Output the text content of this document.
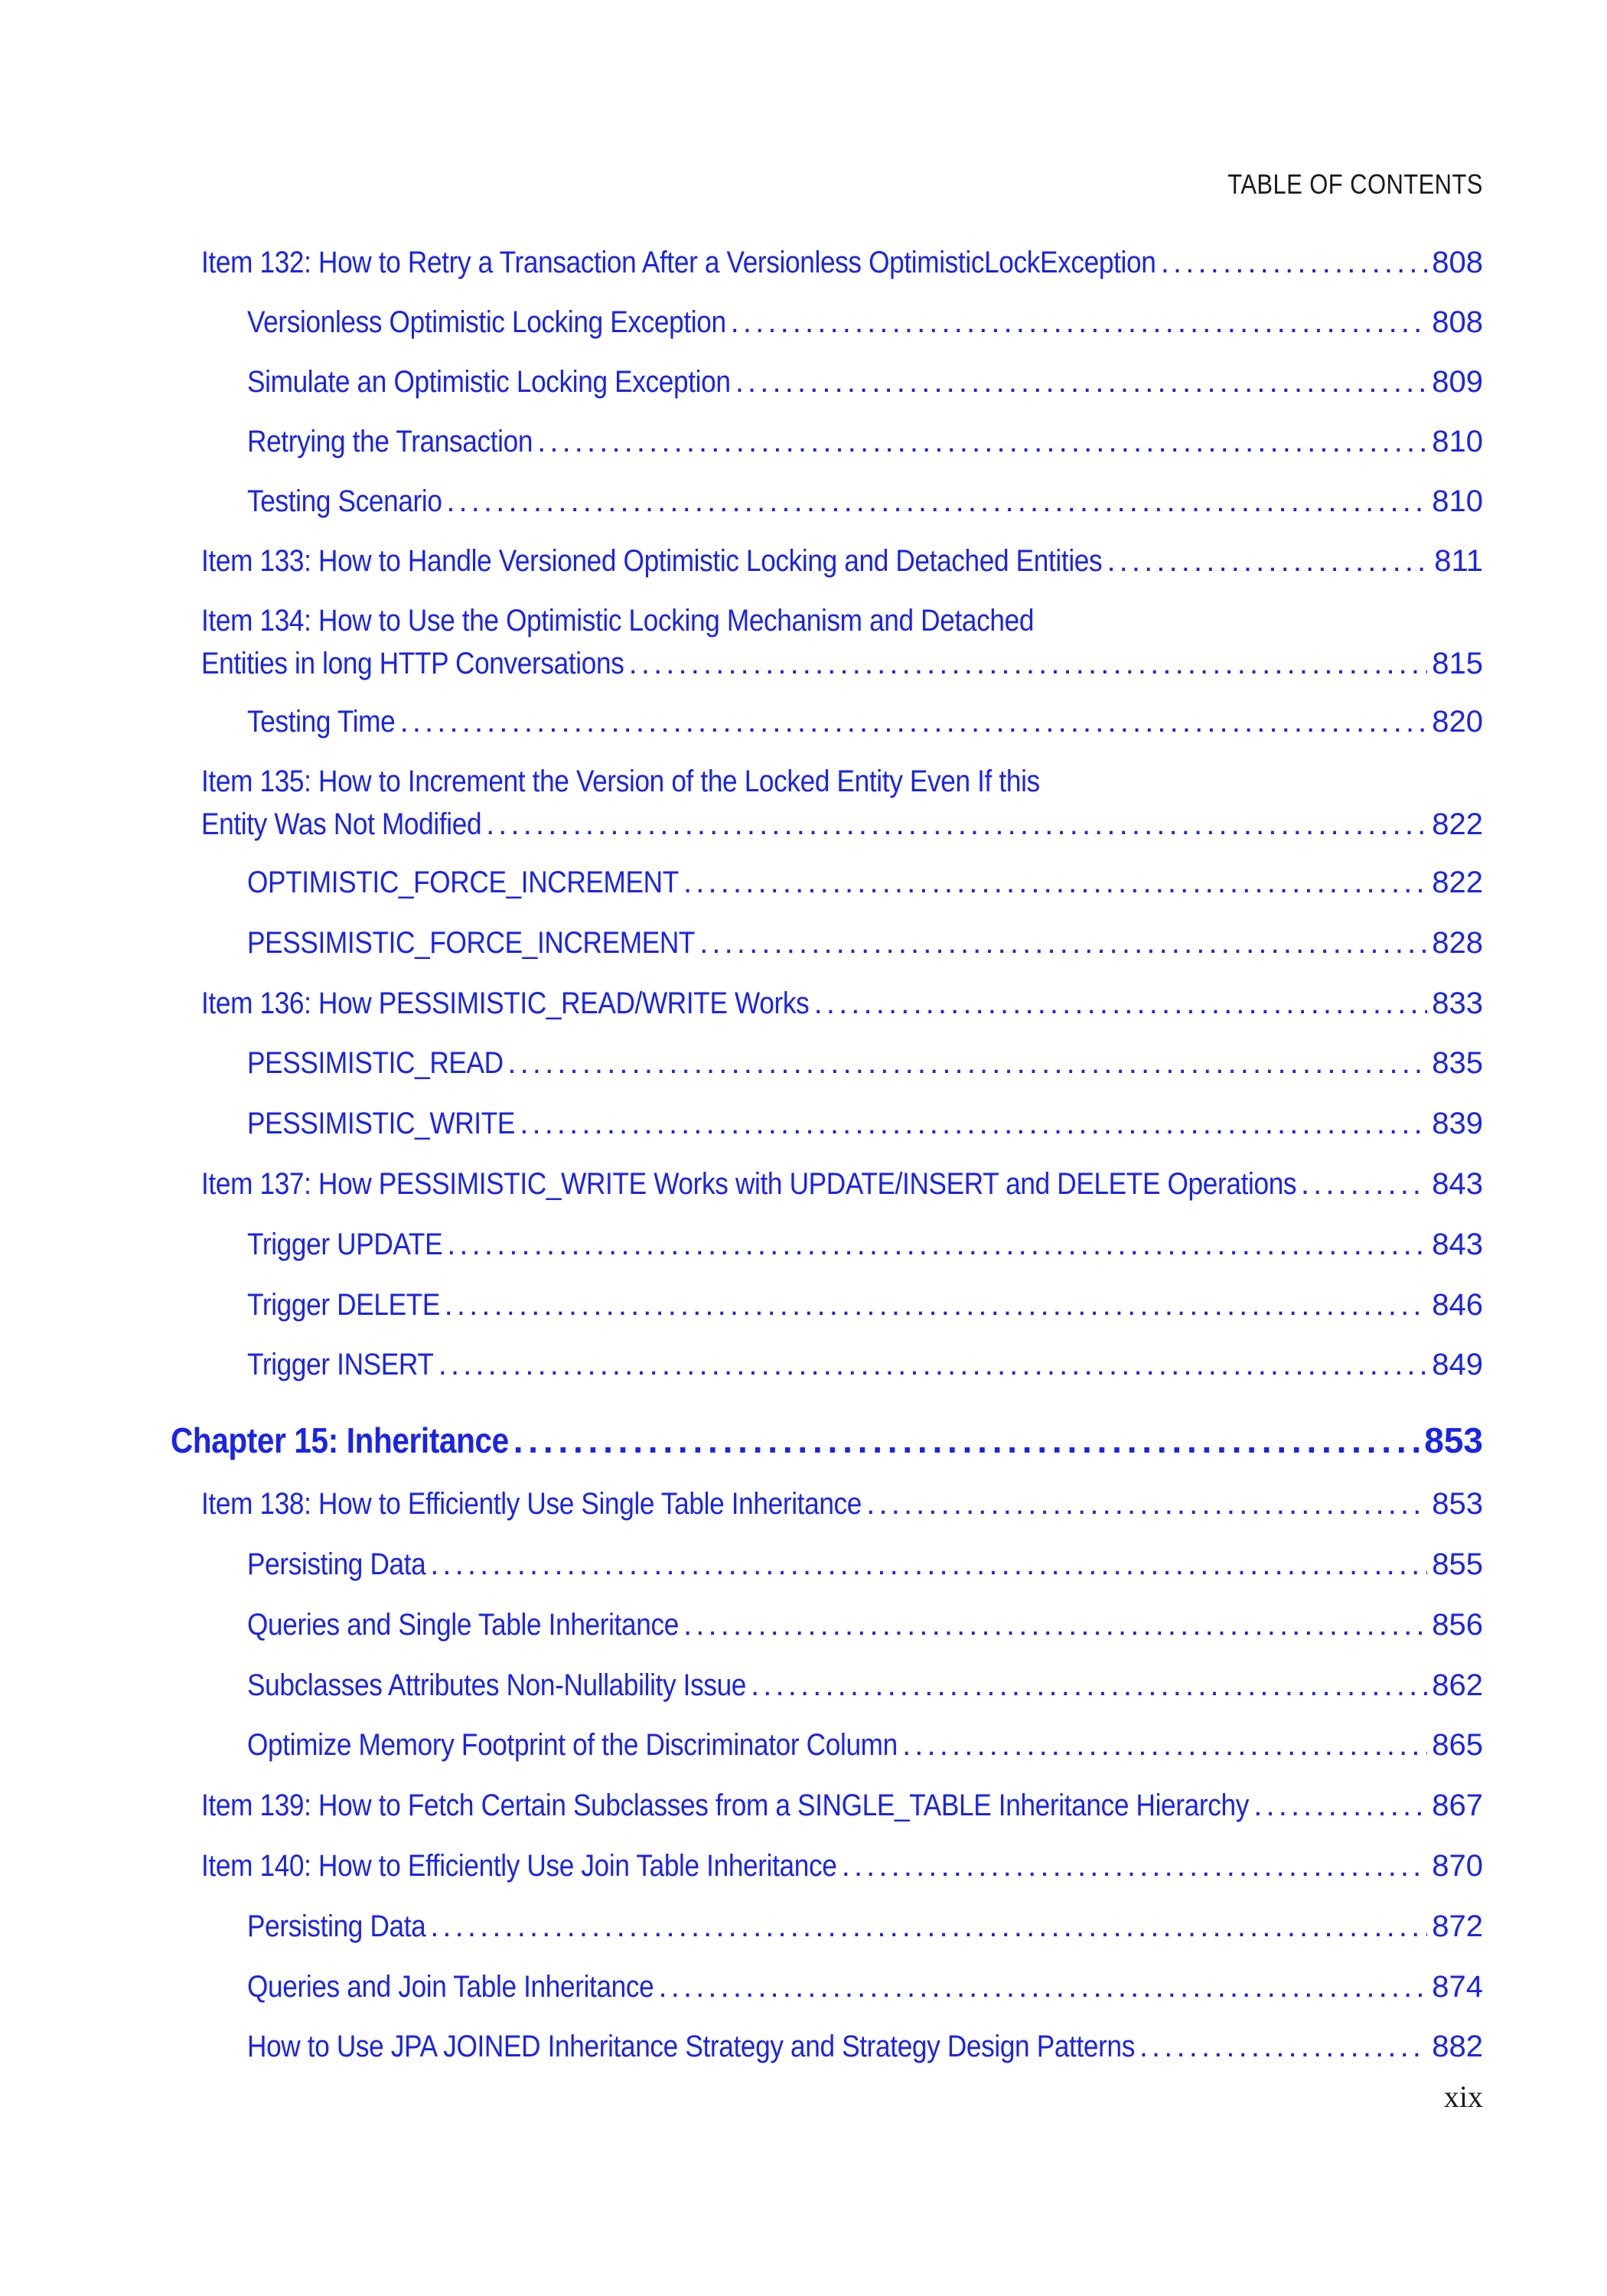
TABLE OF CONTENTS
Item 132: How to Retry a Transaction After a Versionless OptimisticLockException . . .	808
Versionless Optimistic Locking Exception . . .	808
Simulate an Optimistic Locking Exception . . .	809
Retrying the Transaction . . .	810
Testing Scenario . . .	810
Item 133: How to Handle Versioned Optimistic Locking and Detached Entities . . .	811
Item 134: How to Use the Optimistic Locking Mechanism and Detached
Entities in long HTTP Conversations . . .	815
Testing Time . . .	820
Item 135: How to Increment the Version of the Locked Entity Even If this
Entity Was Not Modified . . .	822
OPTIMISTIC_FORCE_INCREMENT . . .	822
PESSIMISTIC_FORCE_INCREMENT . . .	828
Item 136: How PESSIMISTIC_READ/WRITE Works . . .	833
PESSIMISTIC_READ . . .	835
PESSIMISTIC_WRITE . . .	839
Item 137: How PESSIMISTIC_WRITE Works with UPDATE/INSERT and DELETE Operations . . .	843
Trigger UPDATE . . .	843
Trigger DELETE . . .	846
Trigger INSERT . . .	849
Chapter 15: Inheritance . . .	853
Item 138: How to Efficiently Use Single Table Inheritance . . .	853
Persisting Data . . .	855
Queries and Single Table Inheritance . . .	856
Subclasses Attributes Non-Nullability Issue . . .	862
Optimize Memory Footprint of the Discriminator Column . . .	865
Item 139: How to Fetch Certain Subclasses from a SINGLE_TABLE Inheritance Hierarchy . . .	867
Item 140: How to Efficiently Use Join Table Inheritance . . .	870
Persisting Data . . .	872
Queries and Join Table Inheritance . . .	874
How to Use JPA JOINED Inheritance Strategy and Strategy Design Patterns . . .	882
xix
